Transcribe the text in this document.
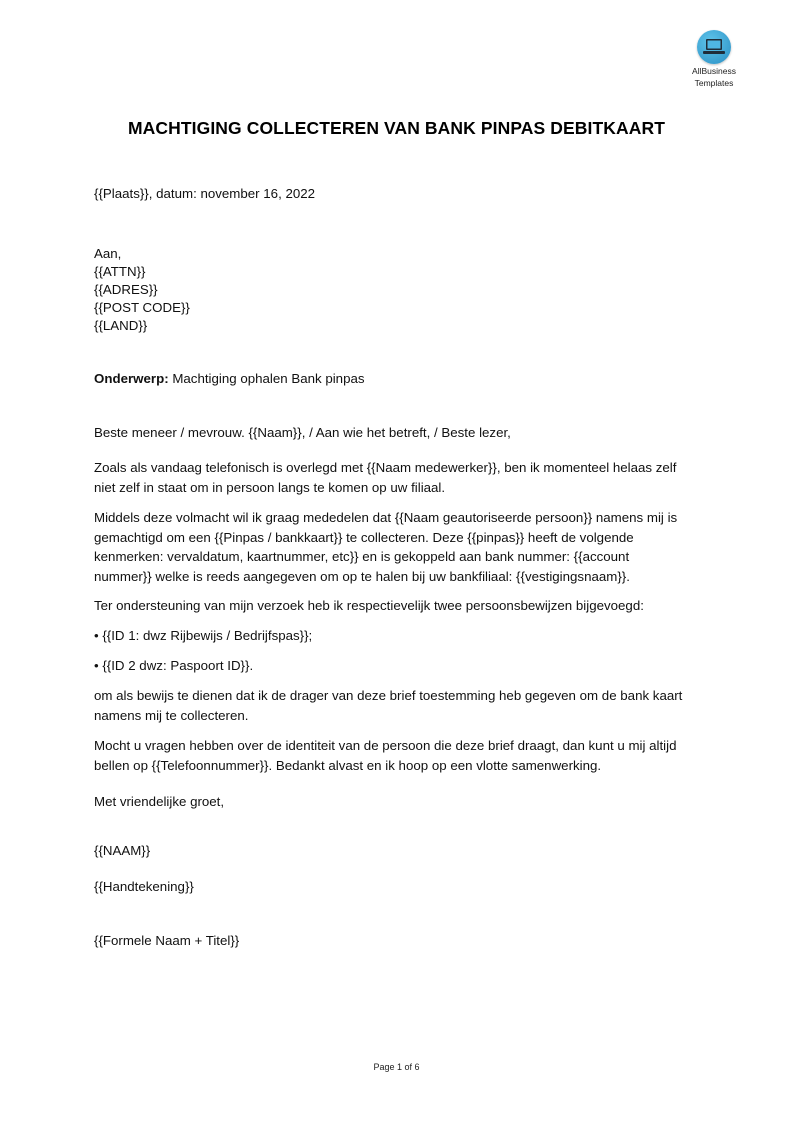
AllBusiness
Templates
MACHTIGING COLLECTEREN VAN BANK PINPAS DEBITKAART
{{Plaats}}, datum: november 16, 2022
Aan,
{{ATTN}}
{{ADRES}}
{{POST CODE}}
{{LAND}}
Onderwerp: Machtiging ophalen Bank pinpas
Beste meneer / mevrouw. {{Naam}}, / Aan wie het betreft, / Beste lezer,
Zoals als vandaag telefonisch is overlegd met {{Naam medewerker}}, ben ik momenteel helaas zelf
niet zelf in staat om in persoon langs te komen op uw filiaal.
Middels deze volmacht wil ik graag mededelen dat {{Naam geautoriseerde persoon}} namens mij is
gemachtigd om een {{Pinpas / bankkaart}} te collecteren. Deze {{pinpas}} heeft de volgende
kenmerken: vervaldatum, kaartnummer, etc}} en is gekoppeld aan bank nummer: {{account
nummer}} welke is reeds aangegeven om op te halen bij uw bankfiliaal: {{vestigingsnaam}}.
Ter ondersteuning van mijn verzoek heb ik respectievelijk twee persoonsbewijzen bijgevoegd:
• {{ID 1: dwz Rijbewijs / Bedrijfspas}};
• {{ID 2 dwz: Paspoort ID}}.
om als bewijs te dienen dat ik de drager van deze brief toestemming heb gegeven om de bank kaart
namens mij te collecteren.
Mocht u vragen hebben over de identiteit van de persoon die deze brief draagt, dan kunt u mij altijd
bellen op {{Telefoonnummer}}. Bedankt alvast en ik hoop op een vlotte samenwerking.
Met vriendelijke groet,
{{NAAM}}
{{Handtekening}}
{{Formele Naam + Titel}}
Page 1 of 6
